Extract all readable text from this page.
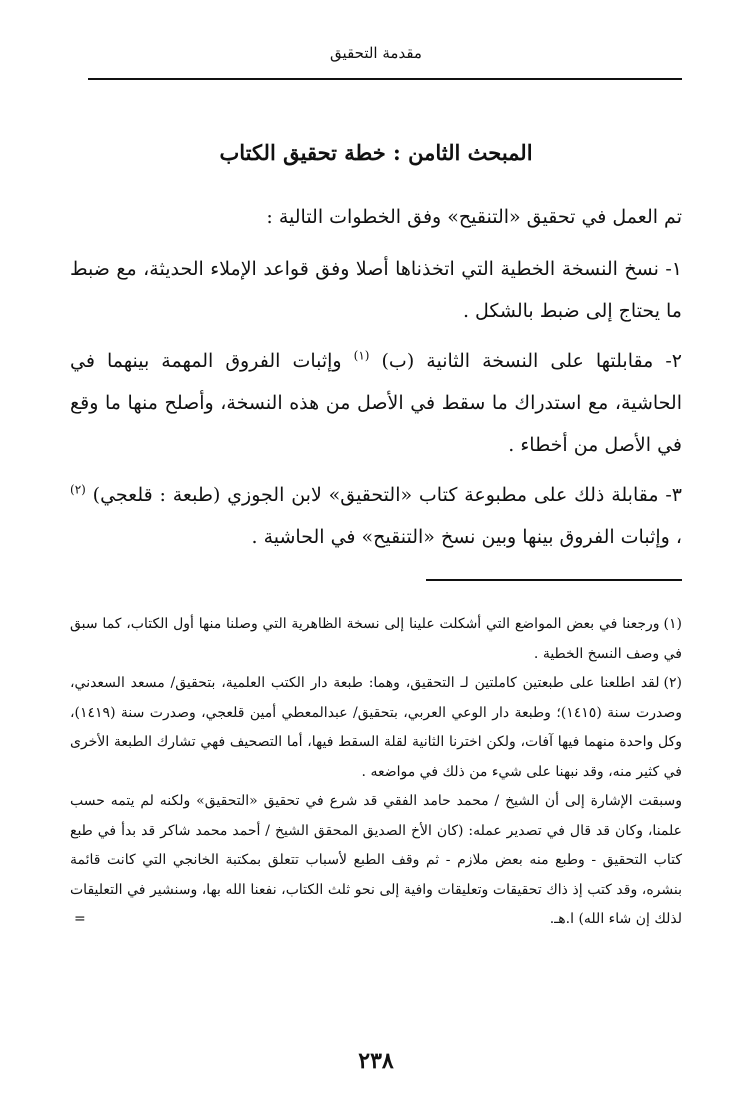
مقدمة التحقيق
المبحث الثامن : خطة تحقيق الكتاب

تم العمل في تحقيق «التنقيح» وفق الخطوات التالية :

١- نسخ النسخة الخطية التي اتخذناها أصلا وفق قواعد الإملاء الحديثة، مع ضبط ما يحتاج إلى ضبط بالشكل .

٢- مقابلتها على النسخة الثانية (ب) $^{(١)}$ وإثبات الفروق المهمة بينهما في الحاشية، مع استدراك ما سقط في الأصل من هذه النسخة، وأصلح منها ما وقع في الأصل من أخطاء .

٣- مقابلة ذلك على مطبوعة كتاب «التحقيق» لابن الجوزي (طبعة : قلعجي) $^{(٢)}$ ، وإثبات الفروق بينها وبين نسخ «التنقيح» في الحاشية .

(١)ورجعنا في بعض المواضع التي أشكلت علينا إلى نسخة الظاهرية التي وصلنا منها أول الكتاب، كما سبق في وصف النسخ الخطية .

(٢)لقد اطلعنا على طبعتين كاملتين لـ التحقيق، وهما: طبعة دار الكتب العلمية، بتحقيق/ مسعد السعدني، وصدرت سنة (١٤١٥)؛ وطبعة دار الوعي العربي، بتحقيق/ عبدالمعطي أمين قلعجي، وصدرت سنة (١٤١٩)، وكل واحدة منهما فيها آفات، ولكن اخترنا الثانية لقلة السقط فيها، أما التصحيف فهي تشارك الطبعة الأخرى في كثير منه، وقد نبهنا على شيء من ذلك في مواضعه .

وسبقت الإشارة إلى أن الشيخ / محمد حامد الفقي قد شرع في تحقيق «التحقيق» ولكنه لم يتمه حسب علمنا، وكان قد قال في تصدير عمله: (كان الأخ الصديق المحقق الشيخ / أحمد محمد شاكر قد بدأ في طبع كتاب التحقيق - وطبع منه بعض ملازم - ثم وقف الطبع لأسباب تتعلق بمكتبة الخانجي التي كانت قائمة بنشره، وقد كتب إذ ذاك تحقيقات وتعليقات وافية إلى نحو ثلث الكتاب، نفعنا الله بها، وسنشير في التعليقات لذلك إن شاء الله) ا.هـ.
=

٢٣٨
